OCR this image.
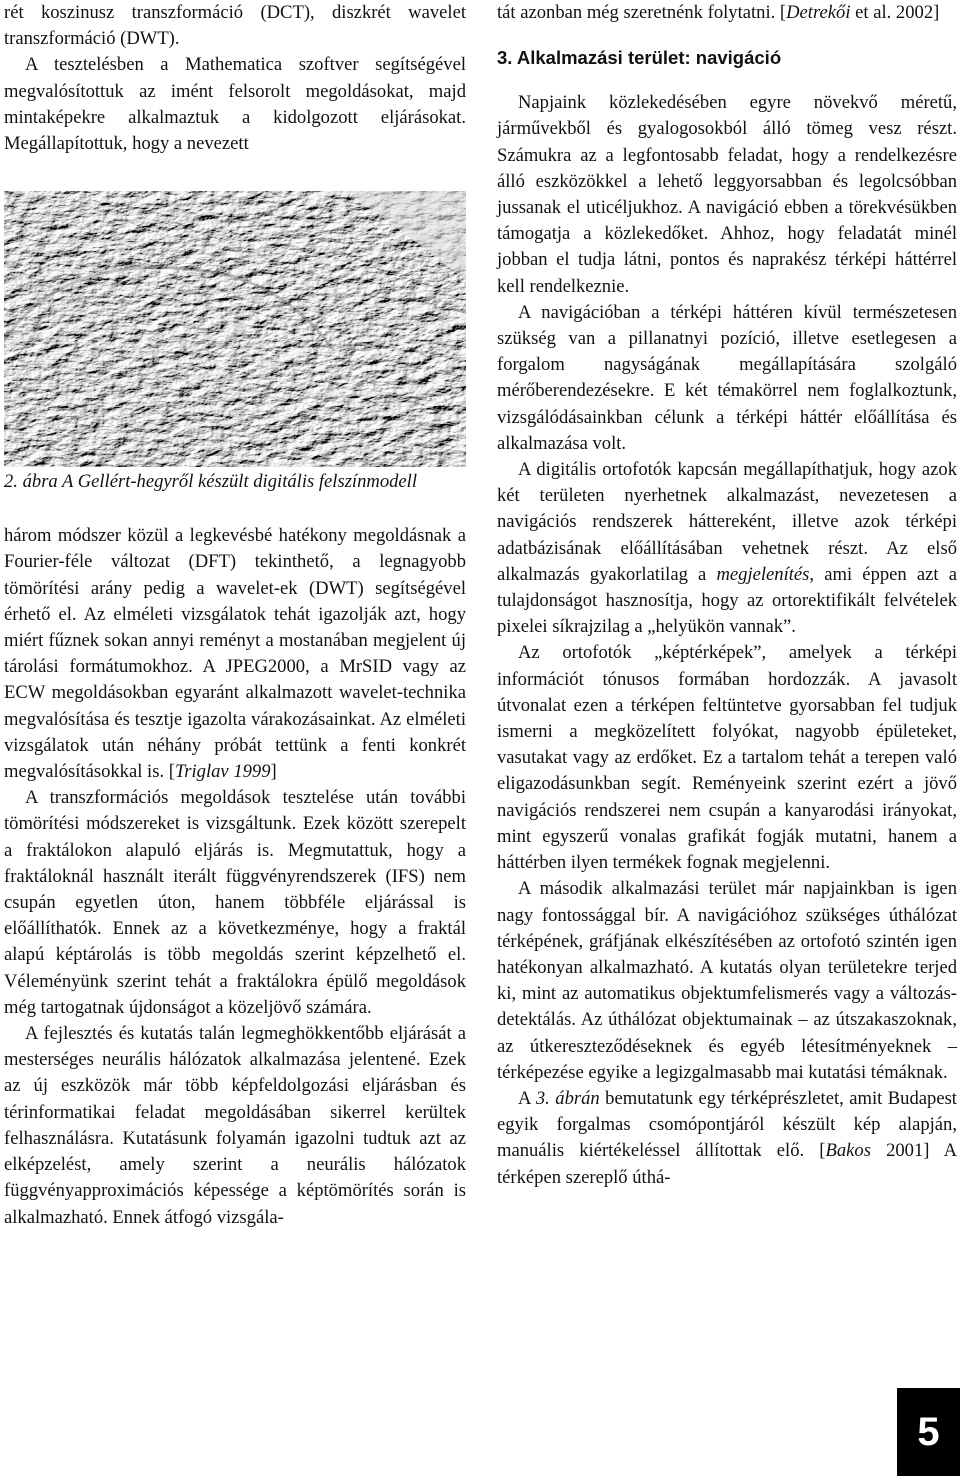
rét koszinusz transzformáció (DCT), diszkrét wavelet transzformáció (DWT).

A tesztelésben a Mathematica szoftver segítségével megvalósítottuk az imént felsorolt megoldásokat, majd mintaképekre alkalmaztuk a kidolgozott eljárásokat. Megállapítottuk, hogy a nevezett

2. ábra A Gellért-hegyről készült digitális felszínmodell

három módszer közül a legkevésbé hatékony megoldásnak a Fourier-féle változat (DFT) tekinthető, a legnagyobb tömörítési arány pedig a wavelet-ek (DWT) segítségével érhető el. Az elméleti vizsgálatok tehát igazolják azt, hogy miért fűznek sokan annyi reményt a mostanában megjelent új tárolási formátumokhoz. A JPEG2000, a MrSID vagy az ECW megoldásokban egyaránt alkalmazott wavelet-technika megvalósítása és tesztje igazolta várakozásainkat. Az elméleti vizsgálatok után néhány próbát tettünk a fenti konkrét megvalósításokkal is. [Triglav 1999]

A transzformációs megoldások tesztelése után további tömörítési módszereket is vizsgáltunk. Ezek között szerepelt a fraktálokon alapuló eljárás is. Megmutattuk, hogy a fraktáloknál használt iterált függvényrendszerek (IFS) nem csupán egyetlen úton, hanem többféle eljárással is előállíthatók. Ennek az a következménye, hogy a fraktál alapú képtárolás is több megoldás szerint képzelhető el. Véleményünk szerint tehát a fraktálokra épülő megoldások még tartogatnak újdonságot a közeljövő számára.

A fejlesztés és kutatás talán legmeghökkentőbb eljárását a mesterséges neurális hálózatok alkalmazása jelentené. Ezek az új eszközök már több képfeldolgozási eljárásban és térinformatikai feladat megoldásában sikerrel kerültek felhasználásra. Kutatásunk folyamán igazolni tudtuk azt az elképzelést, amely szerint a neurális hálózatok függvényapproximációs képessége a képtömörítés során is alkalmazható. Ennek átfogó vizsgála-

tát azonban még szeretnénk folytatni. [Detrekői et al. 2002]

3. Alkalmazási terület: navigáció

Napjaink közlekedésében egyre növekvő méretű, járművekből és gyalogosokból álló tömeg vesz részt. Számukra az a legfontosabb feladat, hogy a rendelkezésre álló eszközökkel a lehető leggyorsabban és legolcsóbban jussanak el uticéljukhoz. A navigáció ebben a törekvésükben támogatja a közlekedőket. Ahhoz, hogy feladatát minél jobban el tudja látni, pontos és naprakész térképi háttérrel kell rendelkeznie.

A navigációban a térképi háttéren kívül természetesen szükség van a pillanatnyi pozíció, illetve esetlegesen a forgalom nagyságának megállapítására szolgáló mérőberendezésekre. E két témakörrel nem foglalkoztunk, vizsgálódásainkban célunk a térképi háttér előállítása és alkalmazása volt.

A digitális ortofotók kapcsán megállapíthatjuk, hogy azok két területen nyerhetnek alkalmazást, nevezetesen a navigációs rendszerek háttereként, illetve azok térképi adatbázisának előállításában vehetnek részt. Az első alkalmazás gyakorlatilag a megjelenítés, ami éppen azt a tulajdonságot hasznosítja, hogy az ortorektifikált felvételek pixelei síkrajzilag a „helyükön vannak”.

Az ortofotók „képtérképek”, amelyek a térképi információt tónusos formában hordozzák. A javasolt útvonalat ezen a térképen feltüntetve gyorsabban fel tudjuk ismerni a megközelített folyókat, nagyobb épületeket, vasutakat vagy az erdőket. Ez a tartalom tehát a terepen való eligazodásunkban segít. Reményeink szerint ezért a jövő navigációs rendszerei nem csupán a kanyarodási irányokat, mint egyszerű vonalas grafikát fogják mutatni, hanem a háttérben ilyen termékek fognak megjelenni.

A második alkalmazási terület már napjainkban is igen nagy fontossággal bír. A navigációhoz szükséges úthálózat térképének, gráfjának elkészítésében az ortofotó szintén igen hatékonyan alkalmazható. A kutatás olyan területekre terjed ki, mint az automatikus objektumfelismerés vagy a változás-detektálás. Az úthálózat objektumainak – az útszakaszoknak, az útkereszteződéseknek és egyéb létesítményeknek – térképezése egyike a legizgalmasabb mai kutatási témáknak.

A 3. ábrán bemutatunk egy térképrészletet, amit Budapest egyik forgalmas csomópontjáról készült kép alapján, manuális kiértékeléssel állítottak elő. [Bakos 2001] A térképen szereplő úthá-

5
